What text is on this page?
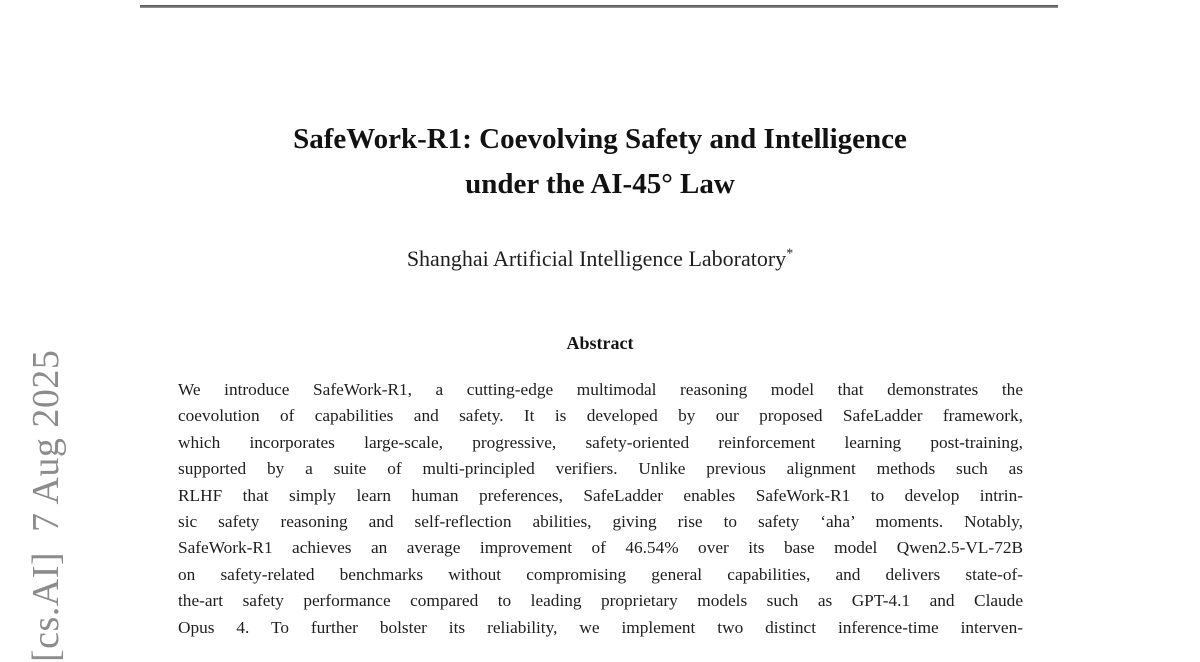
[cs.AI]  7 Aug 2025
SafeWork-R1: Coevolving Safety and Intelligence
under the AI-45° Law
Shanghai Artificial Intelligence Laboratory*
Abstract
We introduce SafeWork-R1, a cutting-edge multimodal reasoning model that demonstrates the
coevolution of capabilities and safety. It is developed by our proposed SafeLadder framework,
which incorporates large-scale, progressive, safety-oriented reinforcement learning post-training,
supported by a suite of multi-principled verifiers. Unlike previous alignment methods such as
RLHF that simply learn human preferences, SafeLadder enables SafeWork-R1 to develop intrin-
sic safety reasoning and self-reflection abilities, giving rise to safety ‘aha’ moments. Notably,
SafeWork-R1 achieves an average improvement of 46.54% over its base model Qwen2.5-VL-72B
on safety-related benchmarks without compromising general capabilities, and delivers state-of-
the-art safety performance compared to leading proprietary models such as GPT-4.1 and Claude
Opus 4. To further bolster its reliability, we implement two distinct inference-time interven-
